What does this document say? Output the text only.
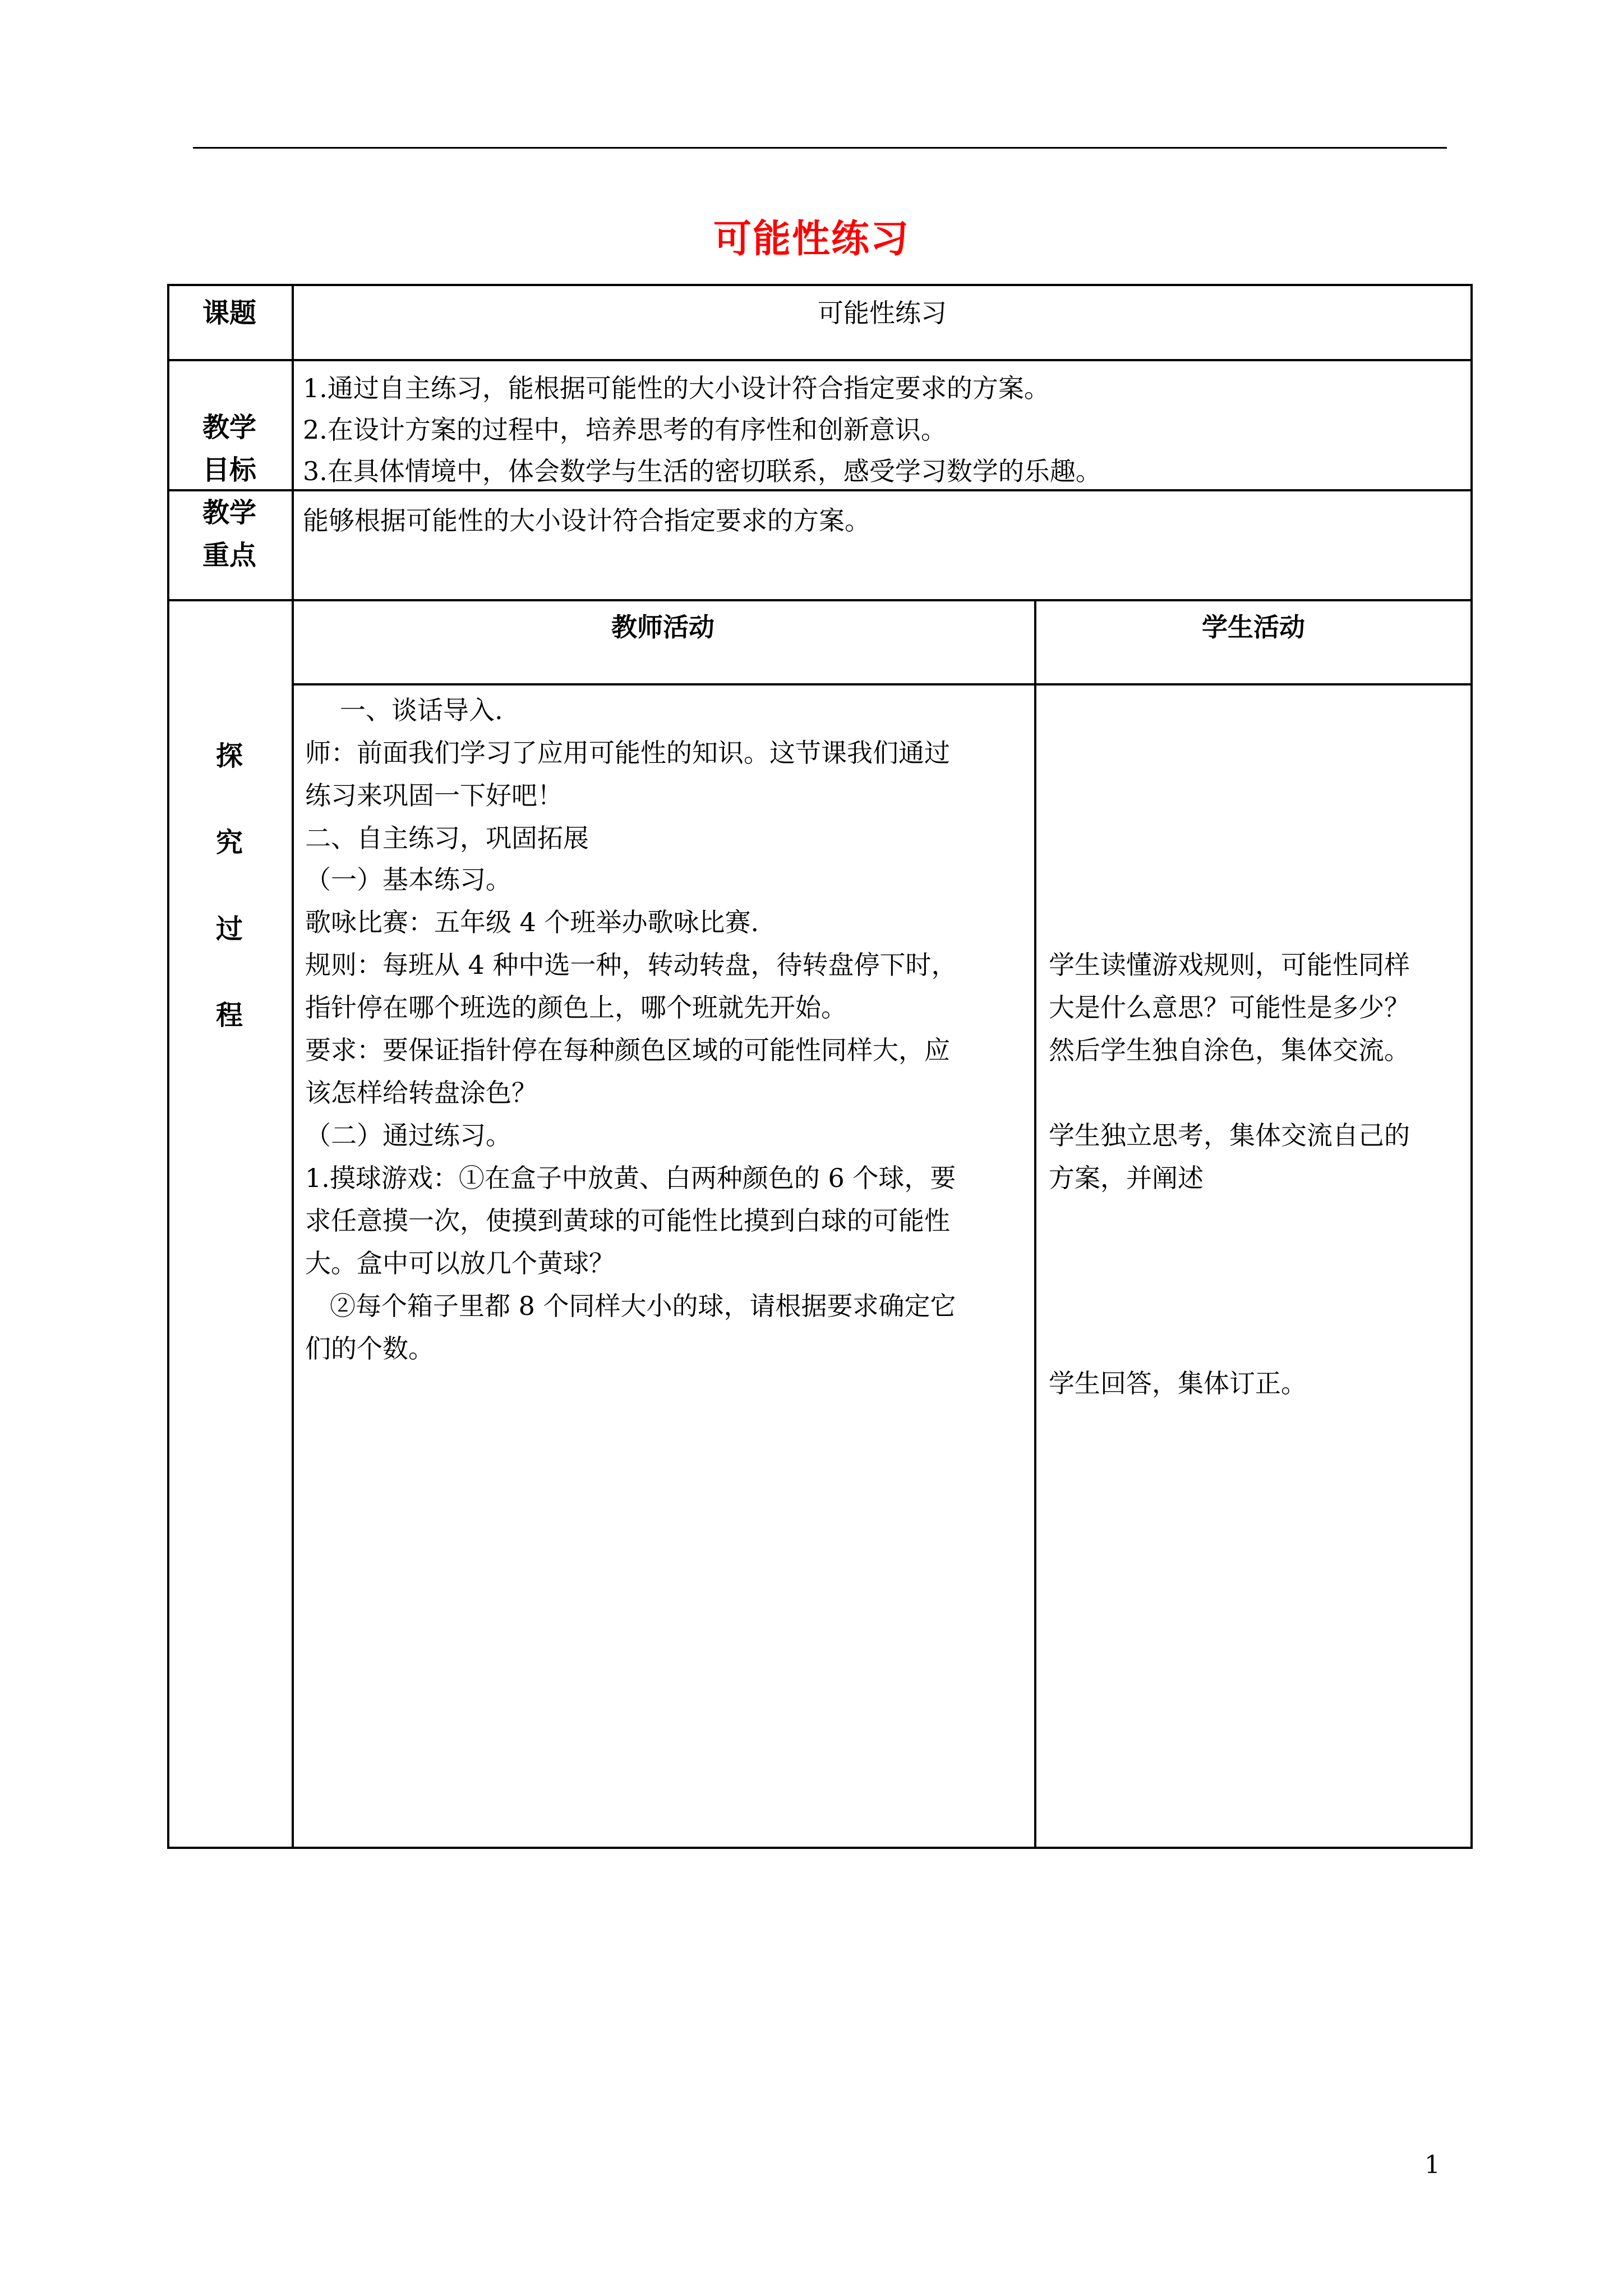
可能性练习
课题	可能性练习
教学
目标
1.通过自主练习，能根据可能性的大小设计符合指定要求的方案。
2.在设计方案的过程中，培养思考的有序性和创新意识。
3.在具体情境中，体会数学与生活的密切联系，感受学习数学的乐趣。
教学
重点
能够根据可能性的大小设计符合指定要求的方案。
探
究
过
程
教师活动	学生活动
一、谈话导入.
师：前面我们学习了应用可能性的知识。这节课我们通过
练习来巩固一下好吧！
二、自主练习，巩固拓展
（一）基本练习。
歌咏比赛：五年级 4 个班举办歌咏比赛.
规则：每班从 4 种中选一种，转动转盘，待转盘停下时，
指针停在哪个班选的颜色上，哪个班就先开始。
要求：要保证指针停在每种颜色区域的可能性同样大，应
该怎样给转盘涂色？
（二）通过练习。
1.摸球游戏：①在盒子中放黄、白两种颜色的 6 个球，要
求任意摸一次，使摸到黄球的可能性比摸到白球的可能性
大。盒中可以放几个黄球？
②每个箱子里都 8 个同样大小的球，请根据要求确定它
们的个数。
学生读懂游戏规则，可能性同样
大是什么意思？可能性是多少？
然后学生独自涂色，集体交流。
学生独立思考，集体交流自己的
方案，并阐述
学生回答，集体订正。
1
